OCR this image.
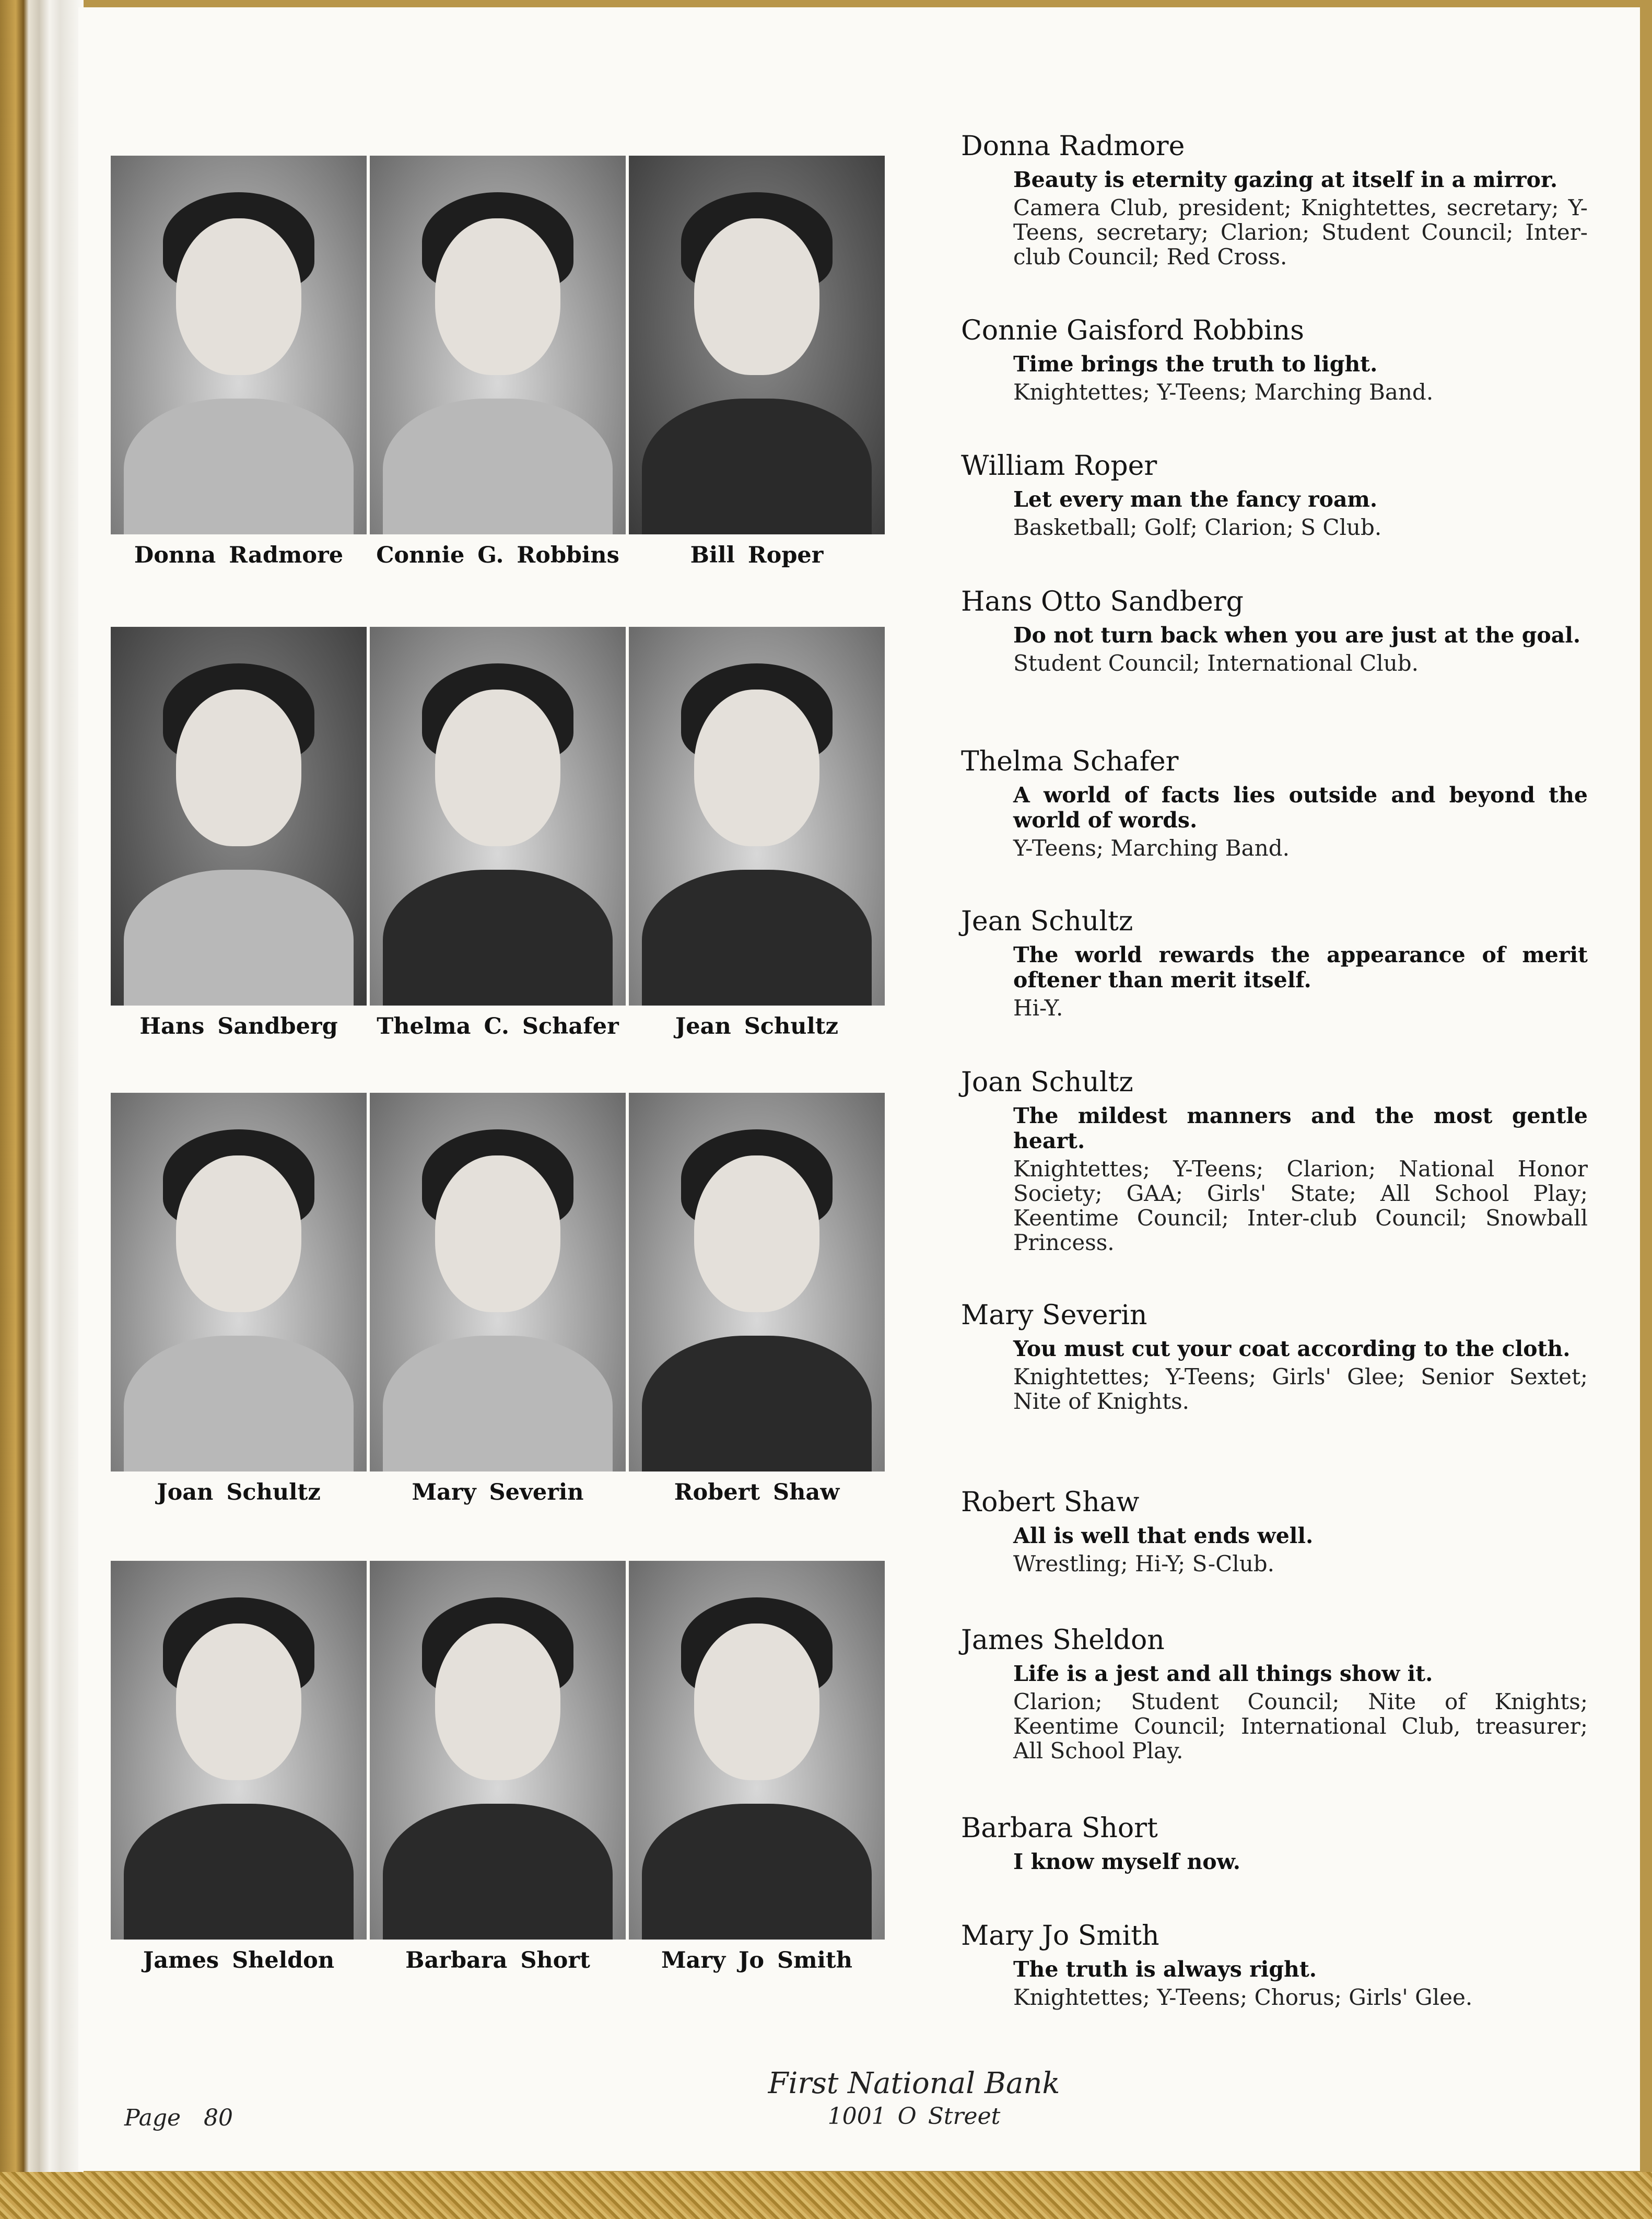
Donna Radmore	Connie G. Robbins	Bill Roper
Hans Sandberg	Thelma C. Schafer	Jean Schultz
Joan Schultz	Mary Severin	Robert Shaw
James Sheldon	Barbara Short	Mary Jo Smith
Donna Radmore
Beauty is eternity gazing at itself in a mirror.
Camera Club, president; Knightettes, secretary; Y-Teens, secretary; Clarion; Student Council; Inter-club Council; Red Cross.
Connie Gaisford Robbins
Time brings the truth to light.
Knightettes; Y-Teens; Marching Band.
William Roper
Let every man the fancy roam.
Basketball; Golf; Clarion; S Club.
Hans Otto Sandberg
Do not turn back when you are just at the goal.
Student Council; International Club.
Thelma Schafer
A world of facts lies outside and beyond the world of words.
Y-Teens; Marching Band.
Jean Schultz
The world rewards the appearance of merit oftener than merit itself.
Hi-Y.
Joan Schultz
The mildest manners and the most gentle heart.
Knightettes; Y-Teens; Clarion; National Honor Society; GAA; Girls' State; All School Play; Keentime Council; Inter-club Council; Snowball Princess.
Mary Severin
You must cut your coat according to the cloth.
Knightettes; Y-Teens; Girls' Glee; Senior Sextet; Nite of Knights.
Robert Shaw
All is well that ends well.
Wrestling; Hi-Y; S-Club.
James Sheldon
Life is a jest and all things show it.
Clarion; Student Council; Nite of Knights; Keentime Council; International Club, treasurer; All School Play.
Barbara Short
I know myself now.
Mary Jo Smith
The truth is always right.
Knightettes; Y-Teens; Chorus; Girls' Glee.
Page 80
First National Bank
1001 O Street
